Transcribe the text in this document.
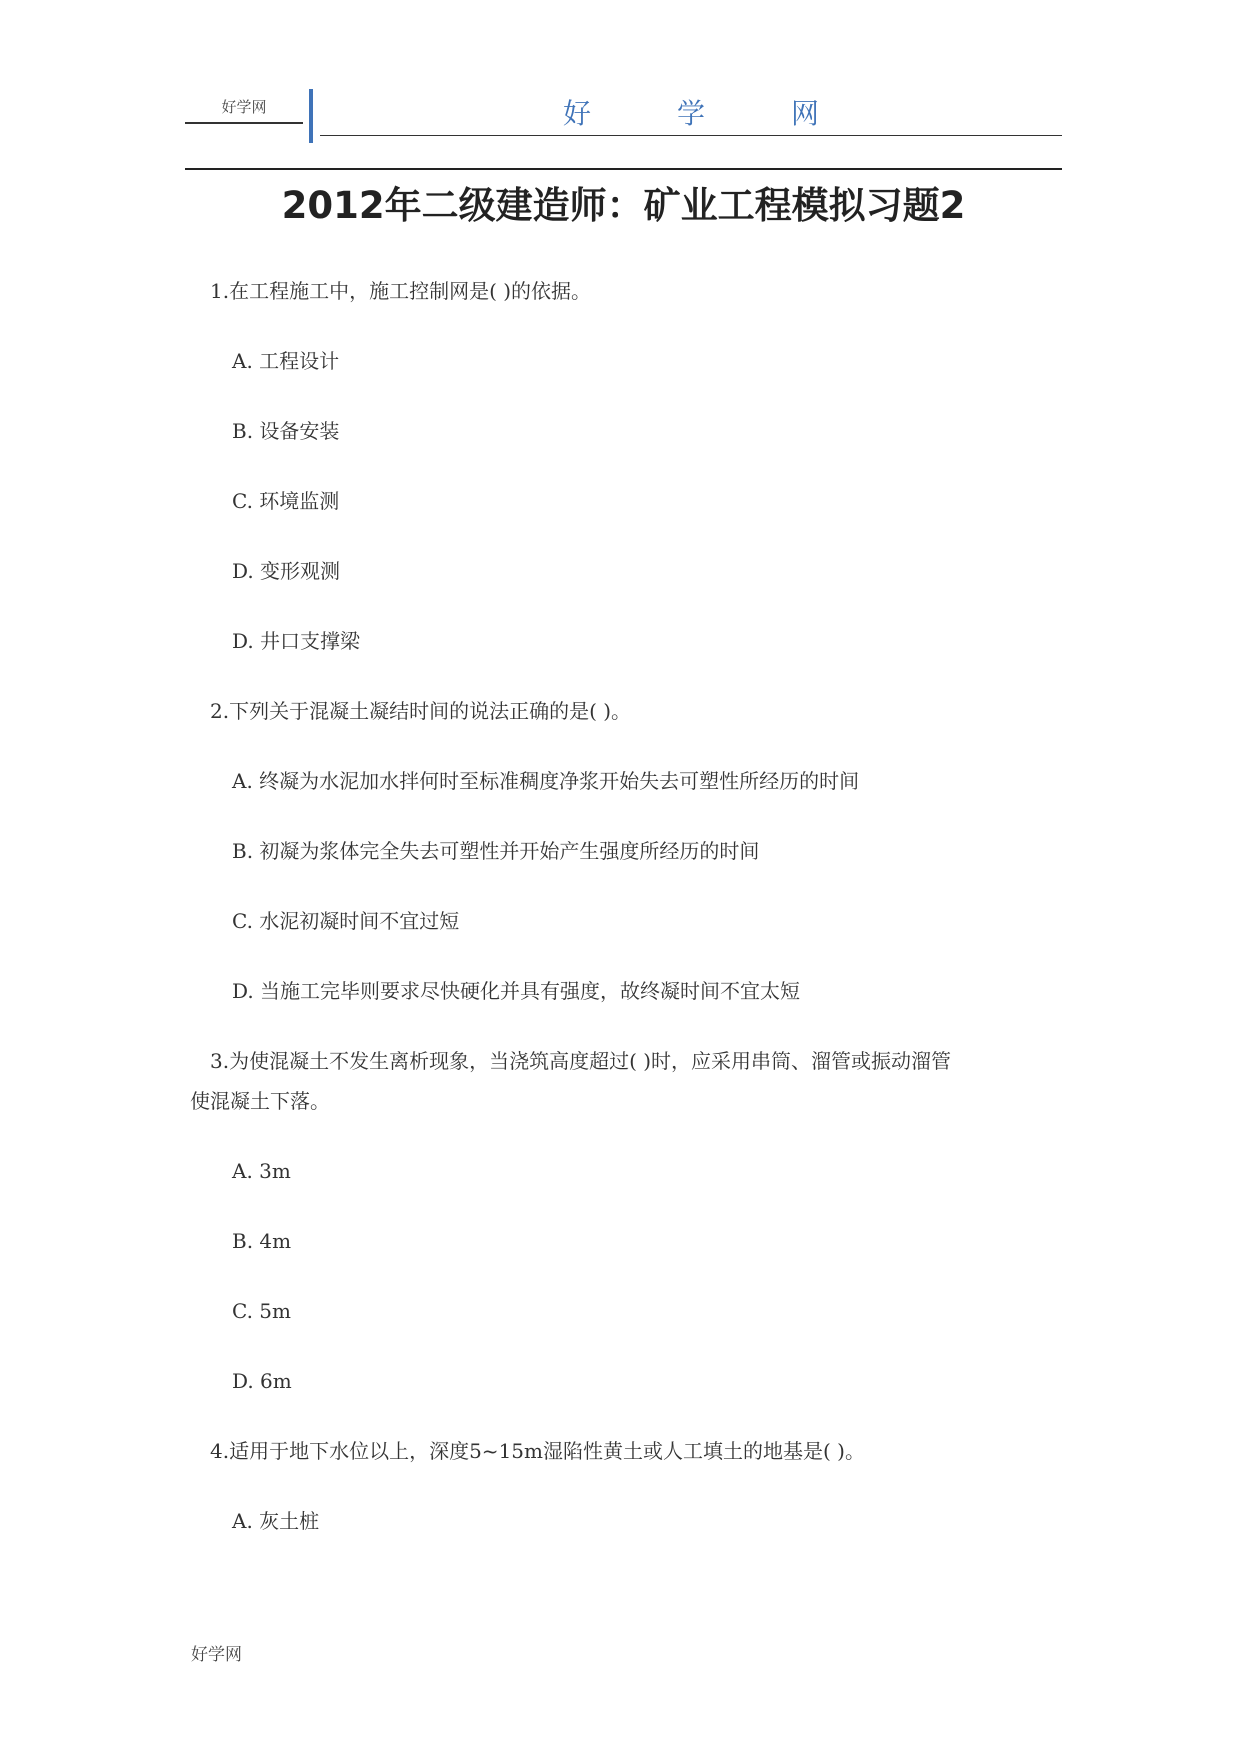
好学网	好学网
2012年二级建造师：矿业工程模拟习题2
1.在工程施工中，施工控制网是( )的依据。
A. 工程设计
B. 设备安装
C. 环境监测
D. 变形观测
D. 井口支撑梁
2.下列关于混凝土凝结时间的说法正确的是( )。
A. 终凝为水泥加水拌何时至标准稠度净浆开始失去可塑性所经历的时间
B. 初凝为浆体完全失去可塑性并开始产生强度所经历的时间
C. 水泥初凝时间不宜过短
D. 当施工完毕则要求尽快硬化并具有强度，故终凝时间不宜太短
3.为使混凝土不发生离析现象，当浇筑高度超过( )时，应采用串筒、溜管或振动溜管
使混凝土下落。
A. 3m
B. 4m
C. 5m
D. 6m
4.适用于地下水位以上，深度5~15m湿陷性黄土或人工填土的地基是( )。
A. 灰土桩
好学网
